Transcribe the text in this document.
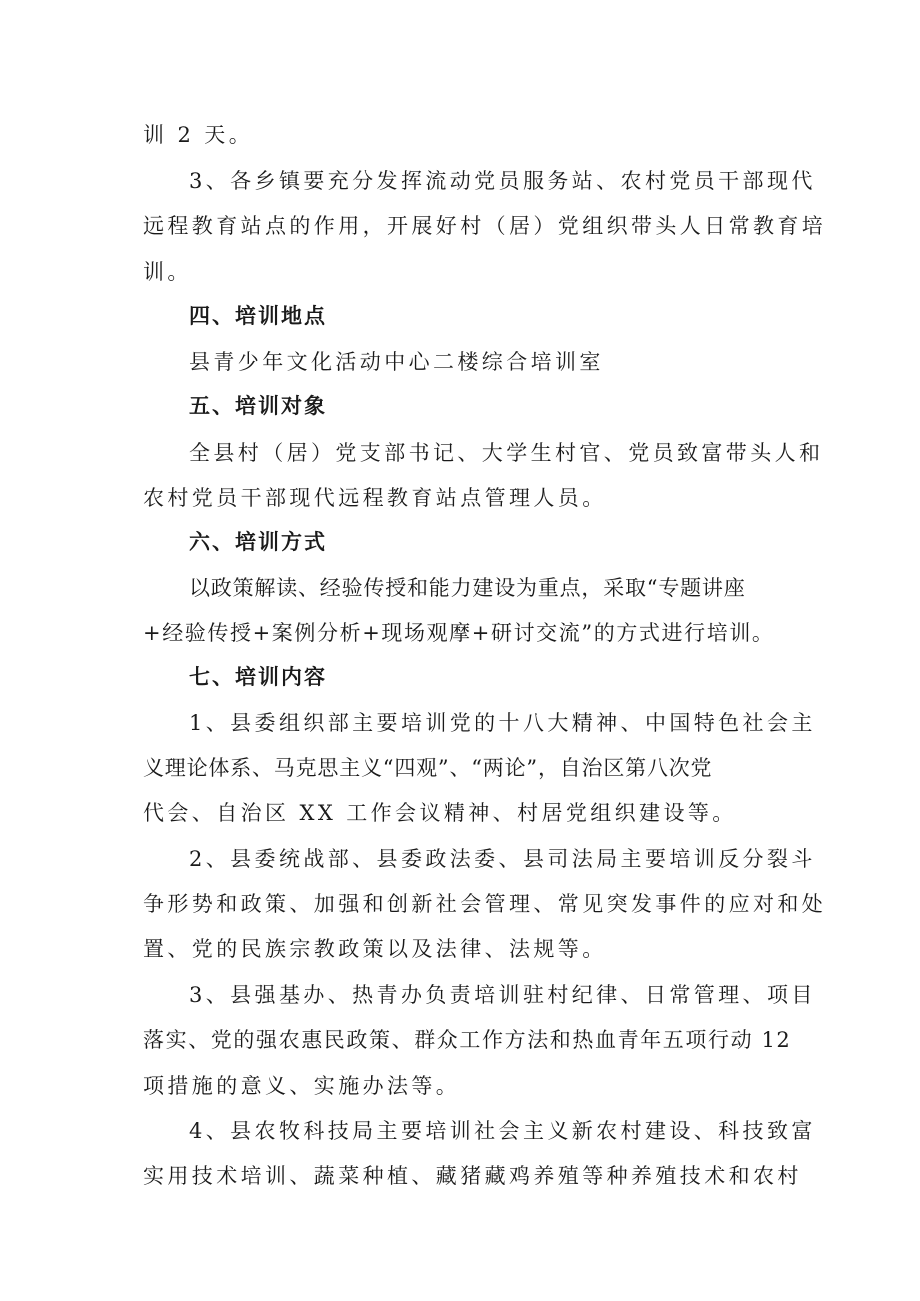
训 2 天。
3、各乡镇要充分发挥流动党员服务站、农村党员干部现代
远程教育站点的作用，开展好村（居）党组织带头人日常教育培
训。
四、培训地点
县青少年文化活动中心二楼综合培训室
五、培训对象
全县村（居）党支部书记、大学生村官、党员致富带头人和
农村党员干部现代远程教育站点管理人员。
六、培训方式
以政策解读、经验传授和能力建设为重点，采取“专题讲座
+经验传授+案例分析+现场观摩+研讨交流”的方式进行培训。
七、培训内容
1、县委组织部主要培训党的十八大精神、中国特色社会主
义理论体系、马克思主义“四观”、“两论”，自治区第八次党
代会、自治区 XX 工作会议精神、村居党组织建设等。
2、县委统战部、县委政法委、县司法局主要培训反分裂斗
争形势和政策、加强和创新社会管理、常见突发事件的应对和处
置、党的民族宗教政策以及法律、法规等。
3、县强基办、热青办负责培训驻村纪律、日常管理、项目
落实、党的强农惠民政策、群众工作方法和热血青年五项行动 12
项措施的意义、实施办法等。
4、县农牧科技局主要培训社会主义新农村建设、科技致富
实用技术培训、蔬菜种植、藏猪藏鸡养殖等种养殖技术和农村
